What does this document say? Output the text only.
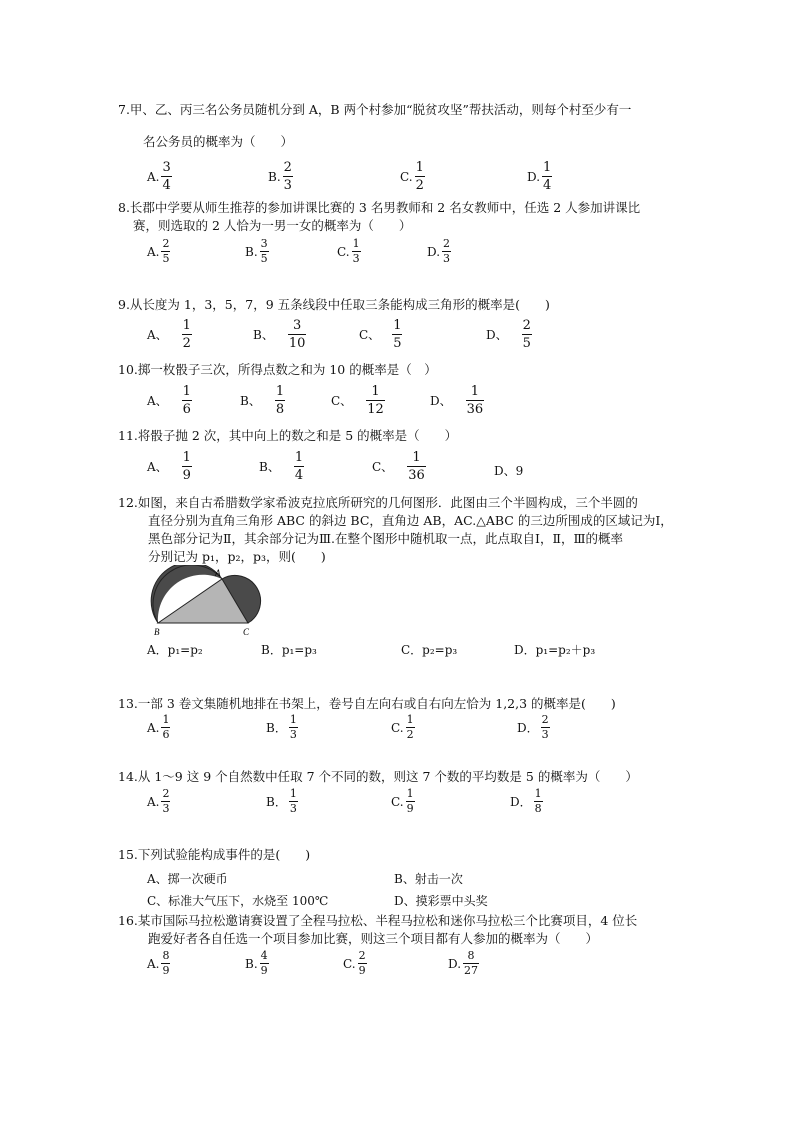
7.甲、乙、丙三名公务员随机分到 A，B 两个村参加“脱贫攻坚”帮扶活动，则每个村至少有一
名公务员的概率为（　　）
A. $\frac{3}{4}$	B. $\frac{2}{3}$	C. $\frac{1}{2}$	D. $\frac{1}{4}$
8.长郡中学要从师生推荐的参加讲课比赛的 3 名男教师和 2 名女教师中，任选 2 人参加讲课比
赛，则选取的 2 人恰为一男一女的概率为（　　）
A. $\frac{2}{5}$	B. $\frac{3}{5}$	C. $\frac{1}{3}$	D. $\frac{2}{3}$
9.从长度为 1，3，5，7，9 五条线段中任取三条能构成三角形的概率是(　　)
A、 $\frac{1}{2}$	B、 $\frac{3}{10}$	C、 $\frac{1}{5}$	D、 $\frac{2}{5}$
10.掷一枚骰子三次，所得点数之和为 10 的概率是（　）
A、 $\frac{1}{6}$	B、 $\frac{1}{8}$	C、 $\frac{1}{12}$	D、 $\frac{1}{36}$
11.将骰子抛 2 次，其中向上的数之和是 5 的概率是（　　）
A、 $\frac{1}{9}$	B、 $\frac{1}{4}$	C、 $\frac{1}{36}$	D、9
12.如图，来自古希腊数学家希波克拉底所研究的几何图形．此图由三个半圆构成，三个半圆的
直径分别为直角三角形 ABC 的斜边 BC，直角边 AB，AC.△ABC 的三边所围成的区域记为Ⅰ，
黑色部分记为Ⅱ，其余部分记为Ⅲ.在整个图形中随机取一点，此点取自Ⅰ，Ⅱ，Ⅲ的概率
分别记为 p₁，p₂，p₃，则(　　)
A
B	C
A．p₁=p₂	B．p₁=p₃	C．p₂=p₃	D．p₁=p₂＋p₃
13.一部 3 卷文集随机地排在书架上，卷号自左向右或自右向左恰为 1,2,3 的概率是(　　)
A. $\frac{1}{6}$	B． $\frac{1}{3}$	C. $\frac{1}{2}$	D． $\frac{2}{3}$
14.从 1～9 这 9 个自然数中任取 7 个不同的数，则这 7 个数的平均数是 5 的概率为（　　）
A. $\frac{2}{3}$	B． $\frac{1}{3}$	C. $\frac{1}{9}$	D． $\frac{1}{8}$
15.下列试验能构成事件的是(　　)
A、掷一次硬币	B、射击一次
C、标准大气压下，水烧至 100℃	D、摸彩票中头奖
16.某市国际马拉松邀请赛设置了全程马拉松、半程马拉松和迷你马拉松三个比赛项目，4 位长
跑爱好者各自任选一个项目参加比赛，则这三个项目都有人参加的概率为（　　）
A. $\frac{8}{9}$	B. $\frac{4}{9}$	C. $\frac{2}{9}$	D. $\frac{8}{27}$
